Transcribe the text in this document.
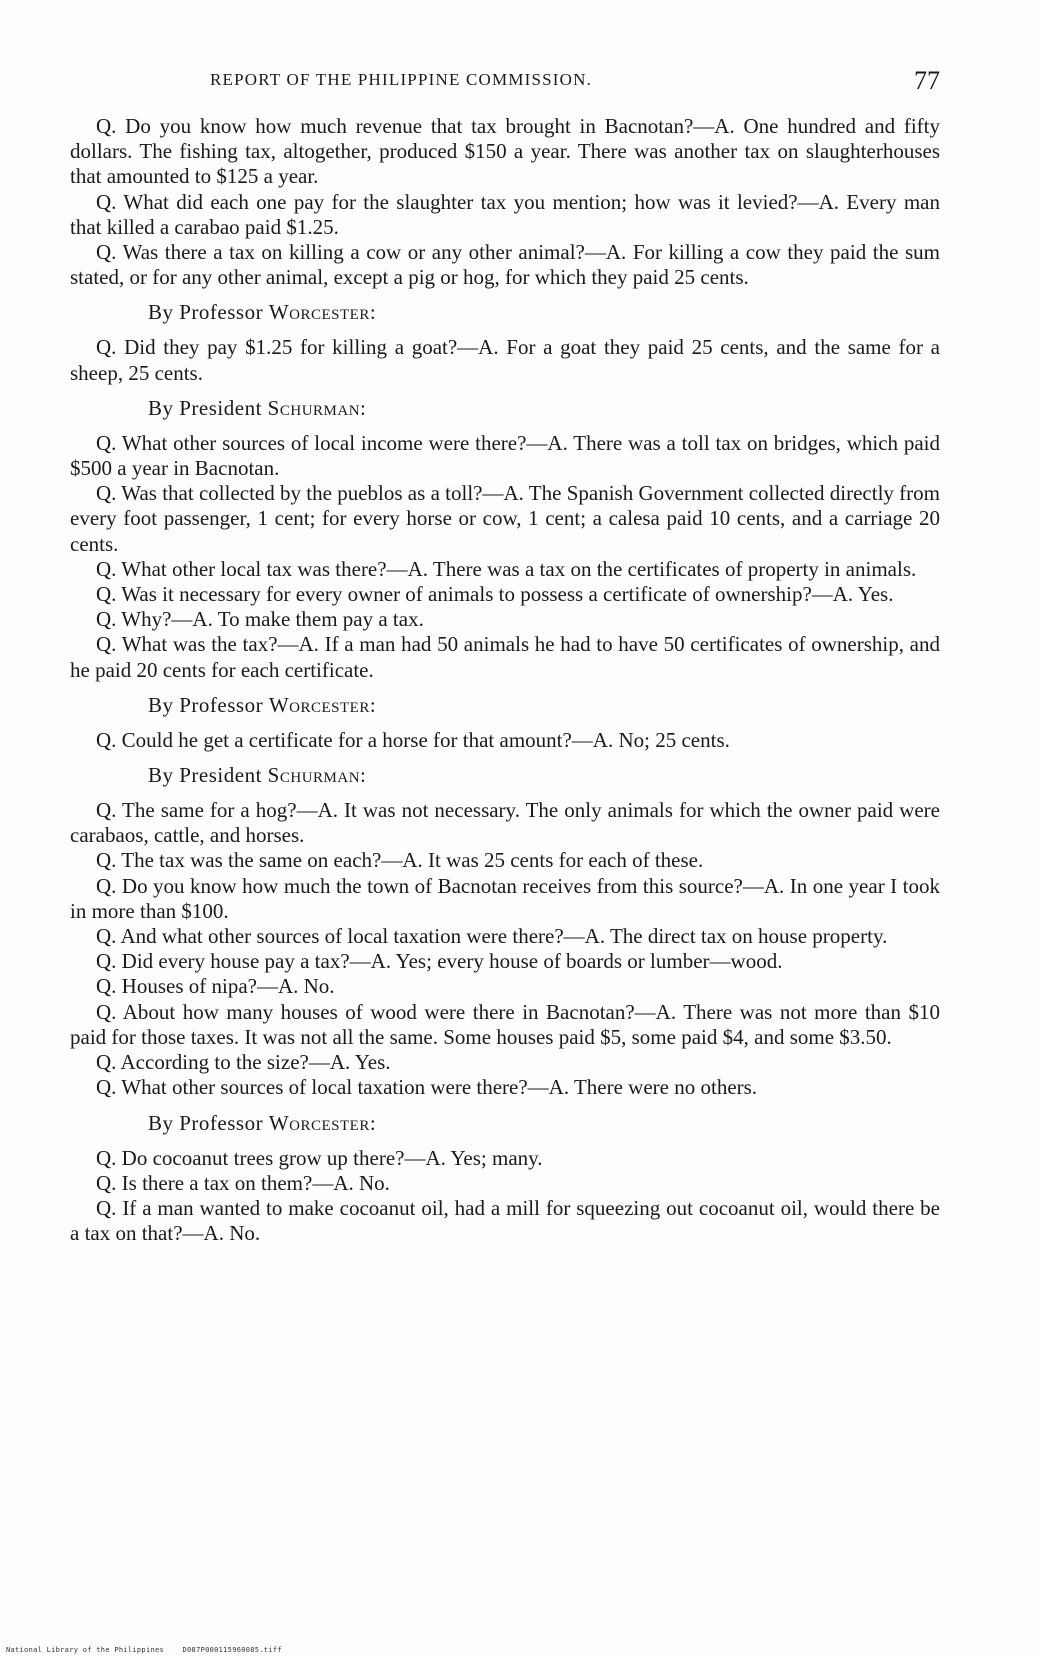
REPORT OF THE PHILIPPINE COMMISSION.	77

Q. Do you know how much revenue that tax brought in Bacnotan?—A. One hundred and fifty dollars. The fishing tax, altogether, produced $150 a year. There was another tax on slaughterhouses that amounted to $125 a year.

Q. What did each one pay for the slaughter tax you mention; how was it levied?—A. Every man that killed a carabao paid $1.25.

Q. Was there a tax on killing a cow or any other animal?—A. For killing a cow they paid the sum stated, or for any other animal, except a pig or hog, for which they paid 25 cents.

By Professor Worcester:

Q. Did they pay $1.25 for killing a goat?—A. For a goat they paid 25 cents, and the same for a sheep, 25 cents.

By President Schurman:

Q. What other sources of local income were there?—A. There was a toll tax on bridges, which paid $500 a year in Bacnotan.

Q. Was that collected by the pueblos as a toll?—A. The Spanish Government collected directly from every foot passenger, 1 cent; for every horse or cow, 1 cent; a calesa paid 10 cents, and a carriage 20 cents.

Q. What other local tax was there?—A. There was a tax on the certificates of property in animals.

Q. Was it necessary for every owner of animals to possess a certificate of ownership?—A. Yes.

Q. Why?—A. To make them pay a tax.

Q. What was the tax?—A. If a man had 50 animals he had to have 50 certificates of ownership, and he paid 20 cents for each certificate.

By Professor Worcester:

Q. Could he get a certificate for a horse for that amount?—A. No; 25 cents.

By President Schurman:

Q. The same for a hog?—A. It was not necessary. The only animals for which the owner paid were carabaos, cattle, and horses.

Q. The tax was the same on each?—A. It was 25 cents for each of these.

Q. Do you know how much the town of Bacnotan receives from this source?—A. In one year I took in more than $100.

Q. And what other sources of local taxation were there?—A. The direct tax on house property.

Q. Did every house pay a tax?—A. Yes; every house of boards or lumber—wood.

Q. Houses of nipa?—A. No.

Q. About how many houses of wood were there in Bacnotan?—A. There was not more than $10 paid for those taxes. It was not all the same. Some houses paid $5, some paid $4, and some $3.50.

Q. According to the size?—A. Yes.

Q. What other sources of local taxation were there?—A. There were no others.

By Professor Worcester:

Q. Do cocoanut trees grow up there?—A. Yes; many.

Q. Is there a tax on them?—A. No.

Q. If a man wanted to make cocoanut oil, had a mill for squeezing out cocoanut oil, would there be a tax on that?—A. No.

National Library of the Philippines	D087P000115960085.tiff
